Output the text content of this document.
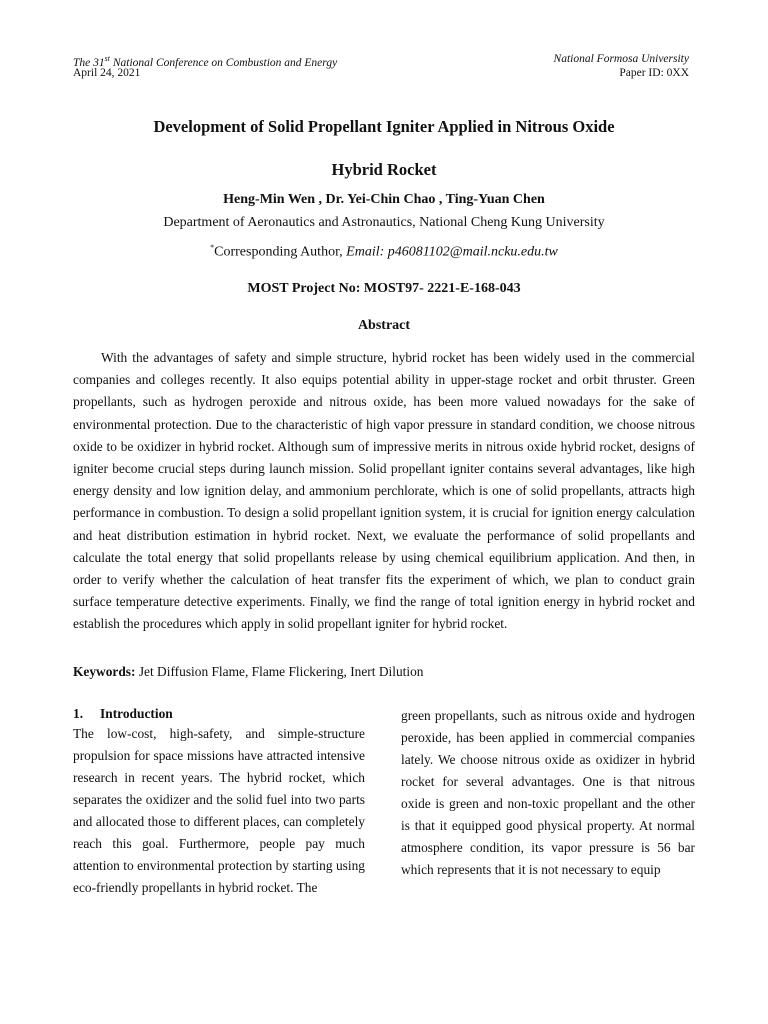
The 31st National Conference on Combustion and Energy
April 24, 2021
National Formosa University
Paper ID: 0XX
Development of Solid Propellant Igniter Applied in Nitrous Oxide
Hybrid Rocket
Heng-Min Wen , Dr. Yei-Chin Chao , Ting-Yuan Chen
Department of Aeronautics and Astronautics, National Cheng Kung University
*Corresponding Author, Email: p46081102@mail.ncku.edu.tw
MOST Project No: MOST97- 2221-E-168-043
Abstract

With the advantages of safety and simple structure, hybrid rocket has been widely used in the commercial companies and colleges recently. It also equips potential ability in upper-stage rocket and orbit thruster. Green propellants, such as hydrogen peroxide and nitrous oxide, has been more valued nowadays for the sake of environmental protection. Due to the characteristic of high vapor pressure in standard condition, we choose nitrous oxide to be oxidizer in hybrid rocket. Although sum of impressive merits in nitrous oxide hybrid rocket, designs of igniter become crucial steps during launch mission. Solid propellant igniter contains several advantages, like high energy density and low ignition delay, and ammonium perchlorate, which is one of solid propellants, attracts high performance in combustion. To design a solid propellant ignition system, it is crucial for ignition energy calculation and heat distribution estimation in hybrid rocket. Next, we evaluate the performance of solid propellants and calculate the total energy that solid propellants release by using chemical equilibrium application. And then, in order to verify whether the calculation of heat transfer fits the experiment of which, we plan to conduct grain surface temperature detective experiments. Finally, we find the range of total ignition energy in hybrid rocket and establish the procedures which apply in solid propellant igniter for hybrid rocket.

Keywords: Jet Diffusion Flame, Flame Flickering, Inert Dilution
1. Introduction

The low-cost, high-safety, and simple-structure propulsion for space missions have attracted intensive research in recent years. The hybrid rocket, which separates the oxidizer and the solid fuel into two parts and allocated those to different places, can completely reach this goal. Furthermore, people pay much attention to environmental protection by starting using eco-friendly propellants in hybrid rocket. The

green propellants, such as nitrous oxide and hydrogen peroxide, has been applied in commercial companies lately. We choose nitrous oxide as oxidizer in hybrid rocket for several advantages. One is that nitrous oxide is green and non-toxic propellant and the other is that it equipped good physical property. At normal atmosphere condition, its vapor pressure is 56 bar which represents that it is not necessary to equip
